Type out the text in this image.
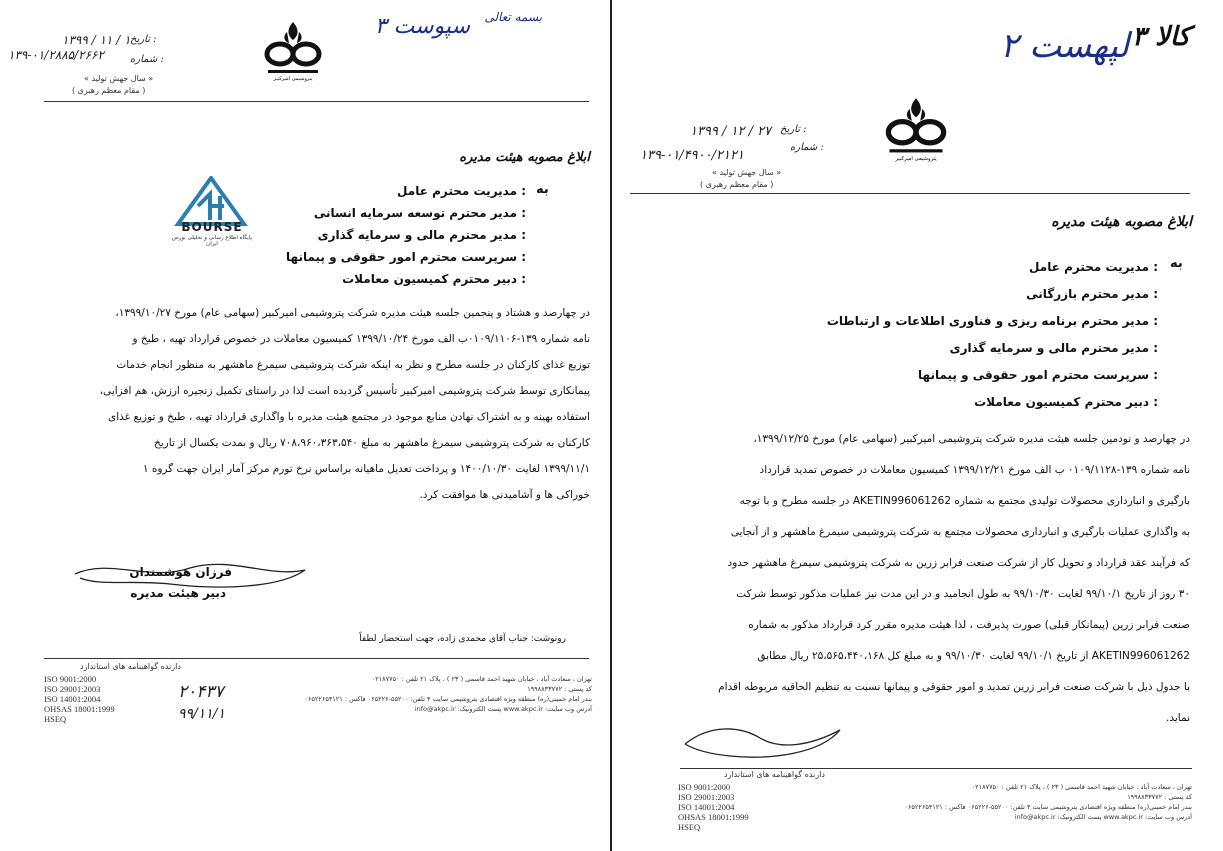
بسمه تعالی
سپوست ۳
پتروشیمی امیرکبیر
تاریخ :
۱۳۹۹ / ۱۱ / ۱
شماره :
۱۳۹-۰۱/۲۸۸۵/۲۶۶۲
« سال جهش تولید »
( مقام معظم رهبری )
ابلاغ مصوبه هیئت مدیره
به
: مدیریت محترم عامل
: مدیر محترم توسعه سرمایه انسانی
: مدیر محترم مالی و سرمایه گذاری
: سرپرست محترم امور حقوقی و پیمانها
: دبیر محترم کمیسیون معاملات
BOURSE
پایگاه اطلاع رسانی و تحلیلی بورس ایران
در چهارصد و هشتاد و پنجمین جلسه هیئت مدیره شرکت پتروشیمی امیرکبیر (سهامی عام) مورخ ۱۳۹۹/۱۰/۲۷،
نامه شماره ۱۳۹-۰۱۰۹/۱۱۰۶ب الف مورخ ۱۳۹۹/۱۰/۲۴ کمیسیون معاملات در خصوص قرارداد تهیه ، طبخ و
توزیع غذای کارکنان در جلسه مطرح و نظر به اینکه شرکت پتروشیمی سیمرغ ماهشهر به منظور انجام خدمات
پیمانکاری توسط شرکت پتروشیمی امیرکبیر تأسیس گردیده است لذا در راستای تکمیل زنجیره ارزش، هم افزایی،
استفاده بهینه و به اشتراک نهادن منابع موجود در مجتمع هیئت مدیره با واگذاری قرارداد تهیه ، طبخ و توزیع غذای
کارکنان به شرکت پتروشیمی سیمرغ ماهشهر به مبلغ ۷۰۸،۹۶۰،۳۶۳،۵۴۰ ریال و بمدت یکسال از تاریخ
۱۳۹۹/۱۱/۱ لغایت ۱۴۰۰/۱۰/۳۰ و پرداخت تعدیل ماهیانه براساس نرخ تورم مرکز آمار ایران جهت گروه ۱
خوراکی ها و آشامیدنی ها موافقت کرد.
فرزان هوشمندان
دبیر هیئت مدیره
رونوشت: جناب آقای محمدی زاده، جهت استحضار لطفاً
دارنده گواهینامه های استاندارد
ISO 9001:2000
ISO 29001:2003
ISO 14001:2004
OHSAS 18001:1999
HSEQ
۲۰۴۳۷
۹۹/۱۱/۱
تهران ، سعادت آباد ، خیابان شهید احمد قاسمی ( ۲۳ ) ، پلاک ۲۱ تلفن : ۰۲۱۸۷۷۵۰
کد پستی : ۱۹۹۸۸۳۳۷۷۲
بندر امام خمینی(ره) منطقه ویژه اقتصادی پتروشیمی سایت ۴ تلفن: ۵۵۲۰۰-۰۶۵۲۲۶ فاکس : ۰۶۵۲۲۶۵۴۱۲۱
آدرس وب سایت: www.akpc.ir پست الکترونیک: info@akpc.ir
۳ کالا
لپهست ۲
پتروشیمی امیرکبیر
تاریخ :
۱۳۹۹ / ۱۲ / ۲۷
شماره :
۱۳۹-۰۱/۴۹۰۰/۲۱۲۱
« سال جهش تولید »
( مقام معظم رهبری )
ابلاغ مصوبه هیئت مدیره
به
: مدیریت محترم عامل
: مدیر محترم بازرگانی
: مدیر محترم برنامه ریزی و فناوری اطلاعات و ارتباطات
: مدیر محترم مالی و سرمایه گذاری
: سرپرست محترم امور حقوقی و پیمانها
: دبیر محترم کمیسیون معاملات
در چهارصد و نودمین جلسه هیئت مدیره شرکت پتروشیمی امیرکبیر (سهامی عام) مورخ ۱۳۹۹/۱۲/۲۵،
نامه شماره ۱۳۹-۰۱۰۹/۱۱۲۸ ب الف مورخ ۱۳۹۹/۱۲/۲۱ کمیسیون معاملات در خصوص تمدید قرارداد
بارگیری و انبارداری محصولات تولیدی مجتمع به شماره AKETIN996061262 در جلسه مطرح و با توجه
به واگذاری عملیات بارگیری و انبارداری محصولات مجتمع به شرکت پتروشیمی سیمرغ ماهشهر و از آنجایی
که فرآیند عقد قرارداد و تحویل کار از شرکت صنعت فرابر زرین به شرکت پتروشیمی سیمرغ ماهشهر حدود
۳۰ روز از تاریخ ۹۹/۱۰/۱ لغایت ۹۹/۱۰/۳۰ به طول انجامید و در این مدت نیز عملیات مذکور توسط شرکت
صنعت فرابر زرین (پیمانکار قبلی) صورت پذیرفت ، لذا هیئت مدیره مقرر کرد قرارداد مذکور به شماره
AKETIN996061262 از تاریخ ۹۹/۱۰/۱ لغایت ۹۹/۱۰/۳۰ و به مبلغ کل ۲۵،۵۶۵،۴۴۰،۱۶۸ ریال مطابق
با جدول ذیل با شرکت صنعت فرابر زرین تمدید و امور حقوقی و پیمانها نسبت به تنظیم الحاقیه مربوطه اقدام
نماید.
دارنده گواهینامه های استاندارد
ISO 9001:2000
ISO 29001:2003
ISO 14001:2004
OHSAS 18001:1999
HSEQ
تهران ، سعادت آباد ، خیابان شهید احمد قاسمی ( ۲۳ ) ، پلاک ۲۱ تلفن : ۰۲۱۸۷۷۵۰
کد پستی : ۱۹۹۸۸۳۳۷۷۲
بندر امام خمینی(ره) منطقه ویژه اقتصادی پتروشیمی سایت ۴ تلفن: ۵۵۲۰۰-۰۶۵۲۲۶ فاکس : ۰۶۵۲۲۶۵۴۱۲۱
آدرس وب سایت: www.akpc.ir پست الکترونیک: info@akpc.ir
